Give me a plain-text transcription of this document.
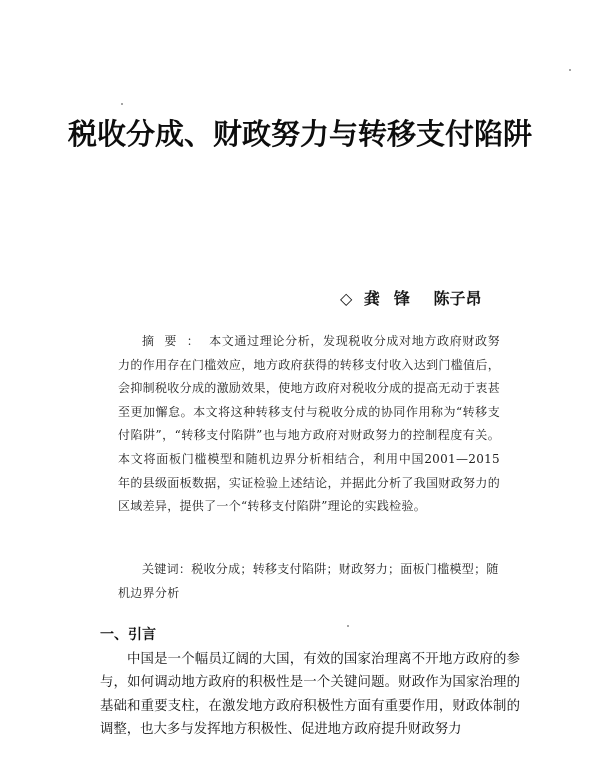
税收分成、财政努力与转移支付陷阱
◇ 龚锋 陈子昂

摘要：本文通过理论分析，发现税收分成对地方政府财政努力的作用存在门槛效应，地方政府获得的转移支付收入达到门槛值后，会抑制税收分成的激励效果，使地方政府对税收分成的提高无动于衷甚至更加懈怠。本文将这种转移支付与税收分成的协同作用称为“转移支付陷阱”，“转移支付陷阱”也与地方政府对财政努力的控制程度有关。本文将面板门槛模型和随机边界分析相结合，利用中国2001—2015年的县级面板数据，实证检验上述结论，并据此分析了我国财政努力的区域差异，提供了一个“转移支付陷阱”理论的实践检验。

关键词：税收分成；转移支付陷阱；财政努力；面板门槛模型；随机边界分析
一、引言

中国是一个幅员辽阔的大国，有效的国家治理离不开地方政府的参与，如何调动地方政府的积极性是一个关键问题。财政作为国家治理的基础和重要支柱，在激发地方政府积极性方面有重要作用，财政体制的调整，也大多与发挥地方积极性、促进地方政府提升财政努力
